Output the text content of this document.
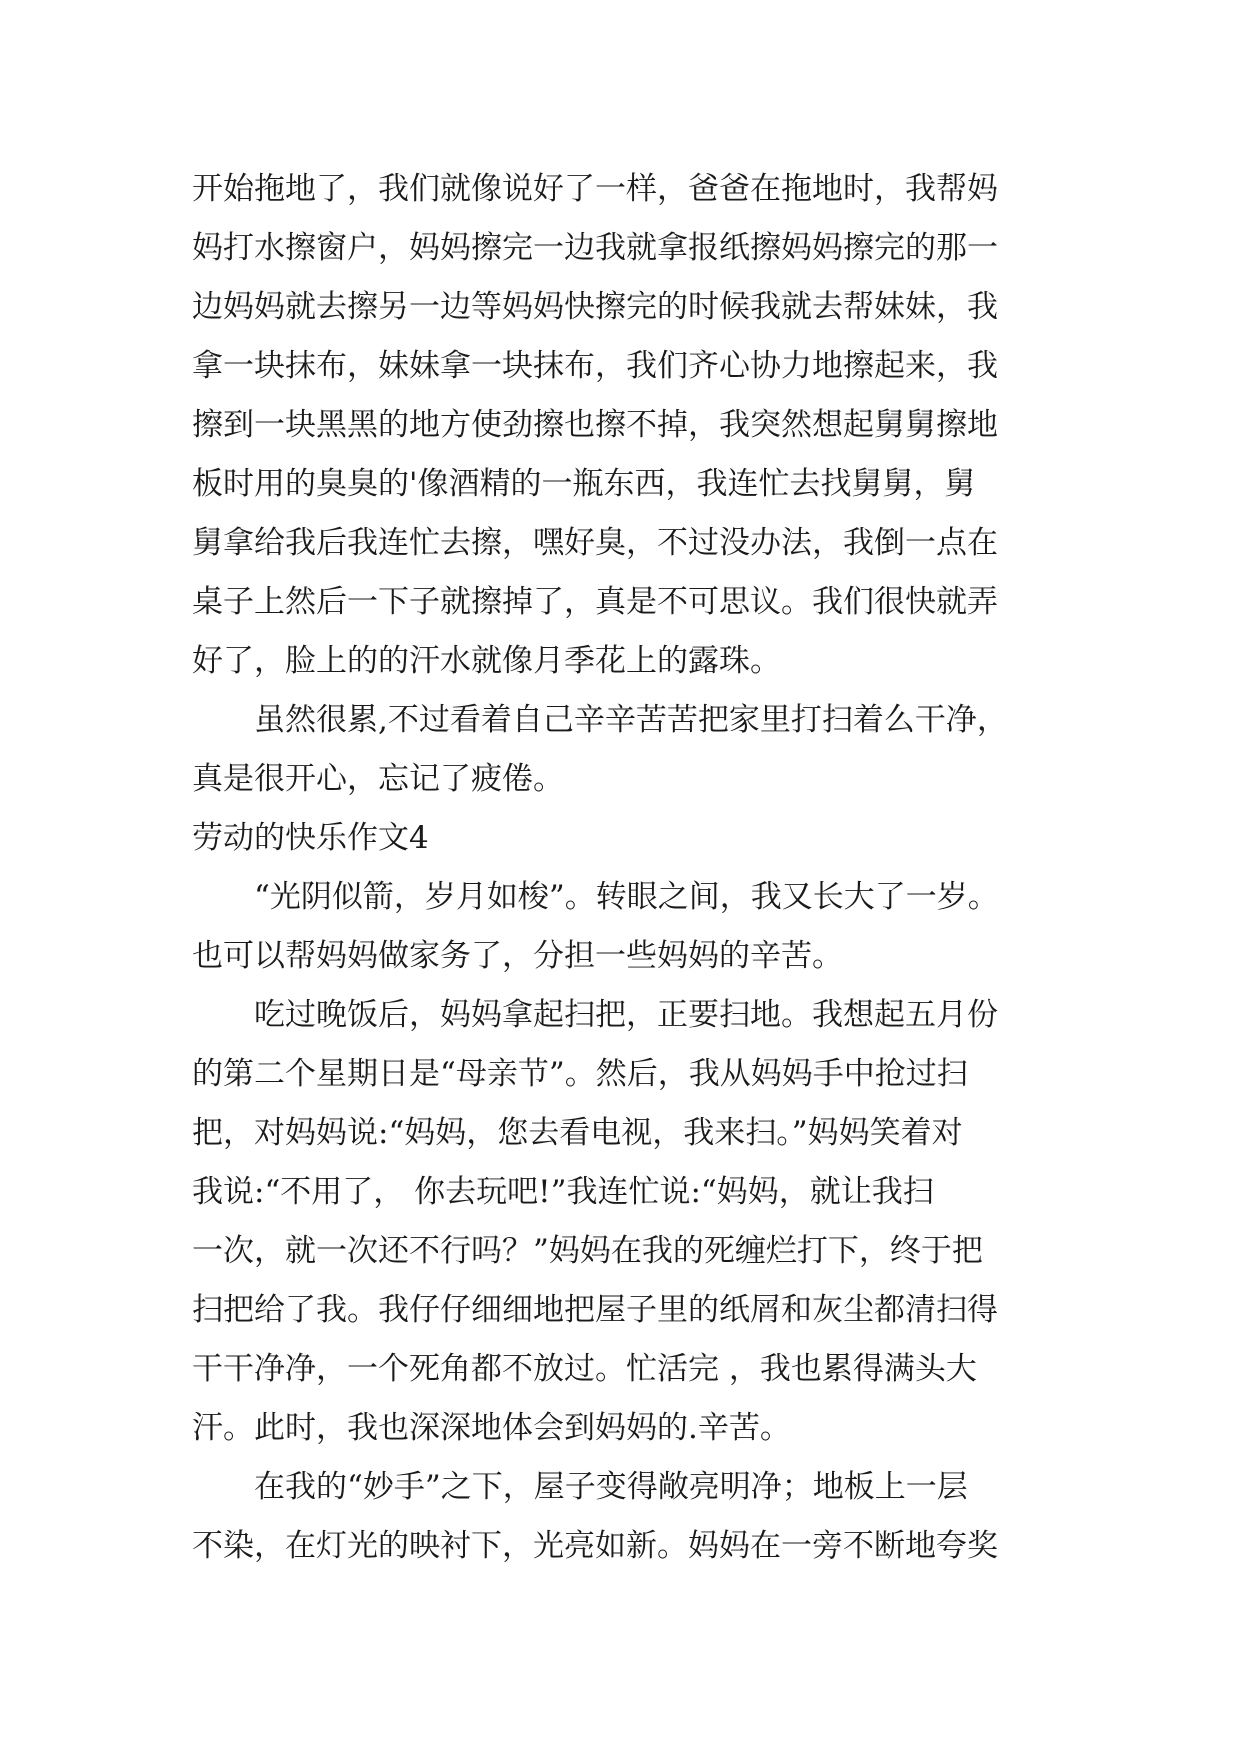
开始拖地了，我们就像说好了一样，爸爸在拖地时，我帮妈
妈打水擦窗户，妈妈擦完一边我就拿报纸擦妈妈擦完的那一
边妈妈就去擦另一边等妈妈快擦完的时候我就去帮妹妹，我
拿一块抹布，妹妹拿一块抹布，我们齐心协力地擦起来，我
擦到一块黑黑的地方使劲擦也擦不掉，我突然想起舅舅擦地
板时用的臭臭的'像酒精的一瓶东西，我连忙去找舅舅，舅
舅拿给我后我连忙去擦，嘿好臭，不过没办法，我倒一点在
桌子上然后一下子就擦掉了，真是不可思议。我们很快就弄
好了，脸上的的汗水就像月季花上的露珠。
虽然很累,不过看着自己辛辛苦苦把家里打扫着么干净，
真是很开心，忘记了疲倦。
劳动的快乐作文4
“光阴似箭，岁月如梭”。转眼之间，我又长大了一岁。
也可以帮妈妈做家务了，分担一些妈妈的辛苦。
吃过晚饭后，妈妈拿起扫把，正要扫地。我想起五月份
的第二个星期日是“母亲节”。然后，我从妈妈手中抢过扫
把，对妈妈说:“妈妈，您去看电视，我来扫。”妈妈笑着对
我说:“不用了， 你去玩吧!”我连忙说:“妈妈，就让我扫
一次，就一次还不行吗？”妈妈在我的死缠烂打下，终于把
扫把给了我。我仔仔细细地把屋子里的纸屑和灰尘都清扫得
干干净净，一个死角都不放过。忙活完 ，我也累得满头大
汗。此时，我也深深地体会到妈妈的.辛苦。
在我的“妙手”之下，屋子变得敞亮明净；地板上一层
不染，在灯光的映衬下，光亮如新。妈妈在一旁不断地夸奖
